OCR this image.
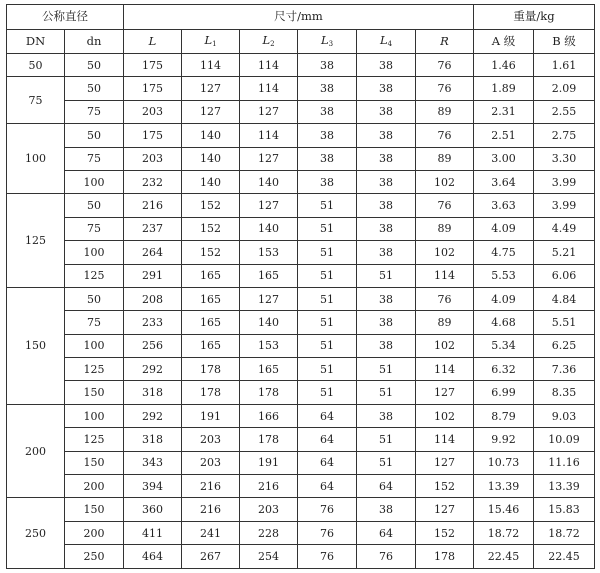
公称直径		尺寸/mm						重量/kg	
DN	dn	L	$L_1$	$L_2$	$L_3$	$L_4$	R	A 级	B 级
50	50	175	114	114	38	38	76	1.46	1.61
75	50	175	127	114	38	38	76	1.89	2.09
	75	203	127	127	38	38	89	2.31	2.55
100	50	175	140	114	38	38	76	2.51	2.75
	75	203	140	127	38	38	89	3.00	3.30
	100	232	140	140	38	38	102	3.64	3.99
125	50	216	152	127	51	38	76	3.63	3.99
	75	237	152	140	51	38	89	4.09	4.49
	100	264	152	153	51	38	102	4.75	5.21
	125	291	165	165	51	51	114	5.53	6.06
150	50	208	165	127	51	38	76	4.09	4.84
	75	233	165	140	51	38	89	4.68	5.51
	100	256	165	153	51	38	102	5.34	6.25
	125	292	178	165	51	51	114	6.32	7.36
	150	318	178	178	51	51	127	6.99	8.35
200	100	292	191	166	64	38	102	8.79	9.03
	125	318	203	178	64	51	114	9.92	10.09
	150	343	203	191	64	51	127	10.73	11.16
	200	394	216	216	64	64	152	13.39	13.39
250	150	360	216	203	76	38	127	15.46	15.83
	200	411	241	228	76	64	152	18.72	18.72
	250	464	267	254	76	76	178	22.45	22.45
